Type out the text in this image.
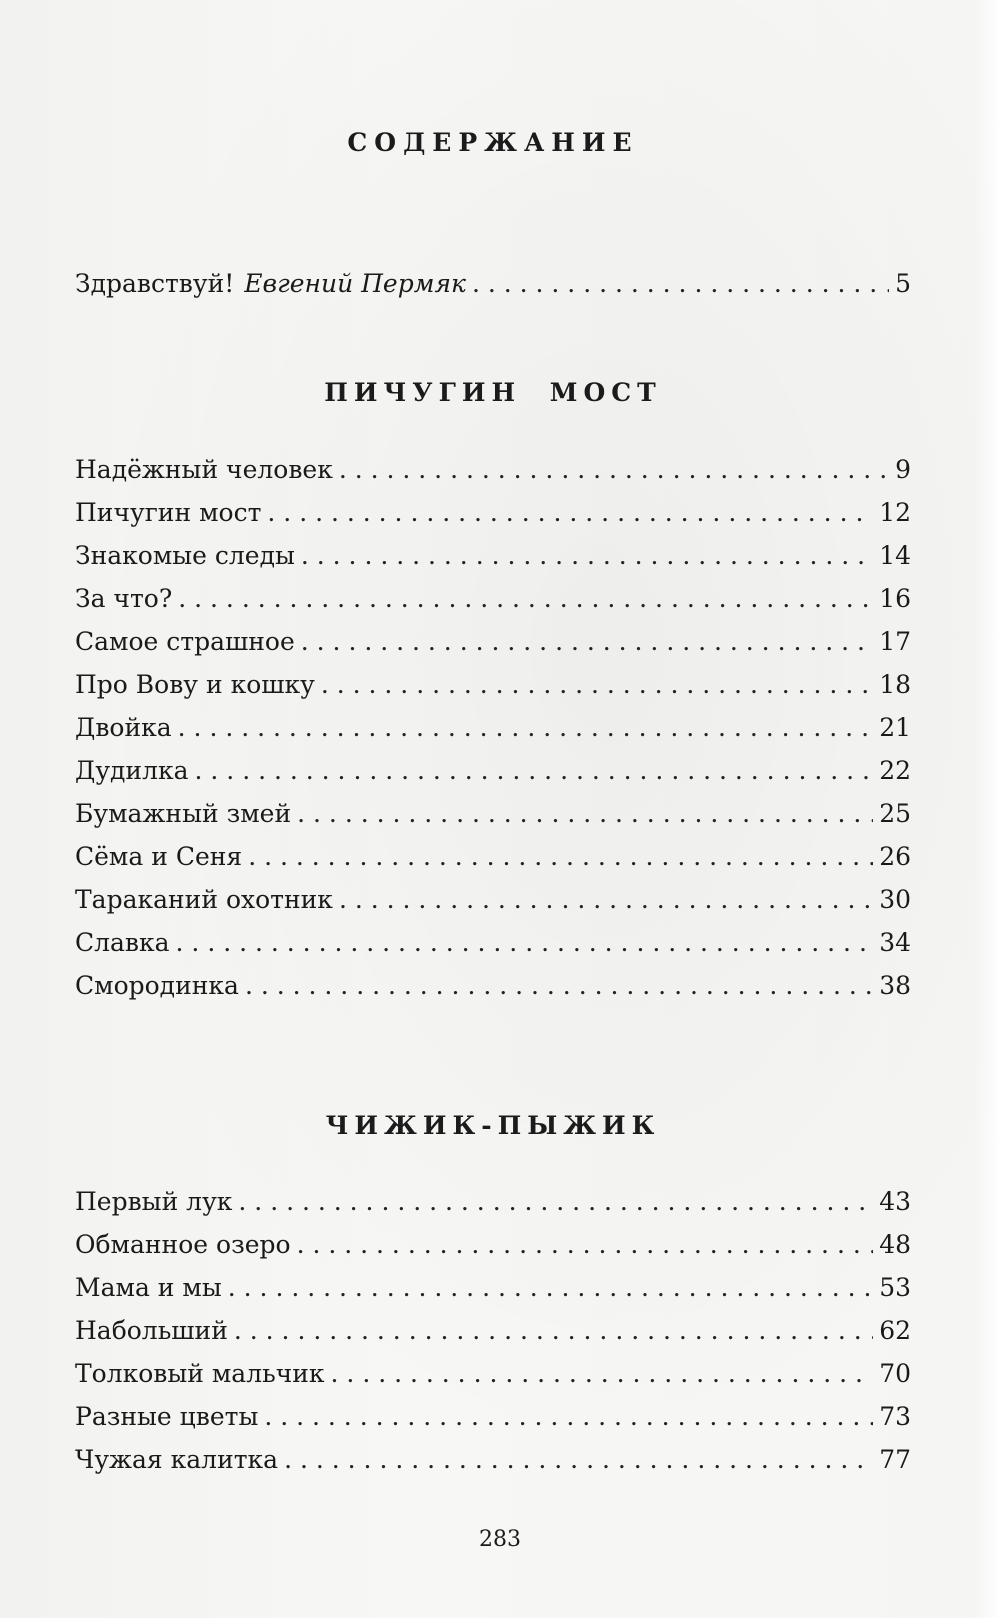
СОДЕРЖАНИЕ
Здравствуй! Евгений Пермяк . . .	5
ПИЧУГИН МОСТ
Надёжный человек . . .	9
Пичугин мост . . .	12
Знакомые следы . . .	14
За что? . . .	16
Самое страшное . . .	17
Про Вову и кошку . . .	18
Двойка . . .	21
Дудилка . . .	22
Бумажный змей . . .	25
Сёма и Сеня . . .	26
Тараканий охотник . . .	30
Славка . . .	34
Смородинка . . .	38
ЧИЖИК-ПЫЖИК
Первый лук . . .	43
Обманное озеро . . .	48
Мама и мы . . .	53
Набольший . . .	62
Толковый мальчик . . .	70
Разные цветы . . .	73
Чужая калитка . . .	77
283
